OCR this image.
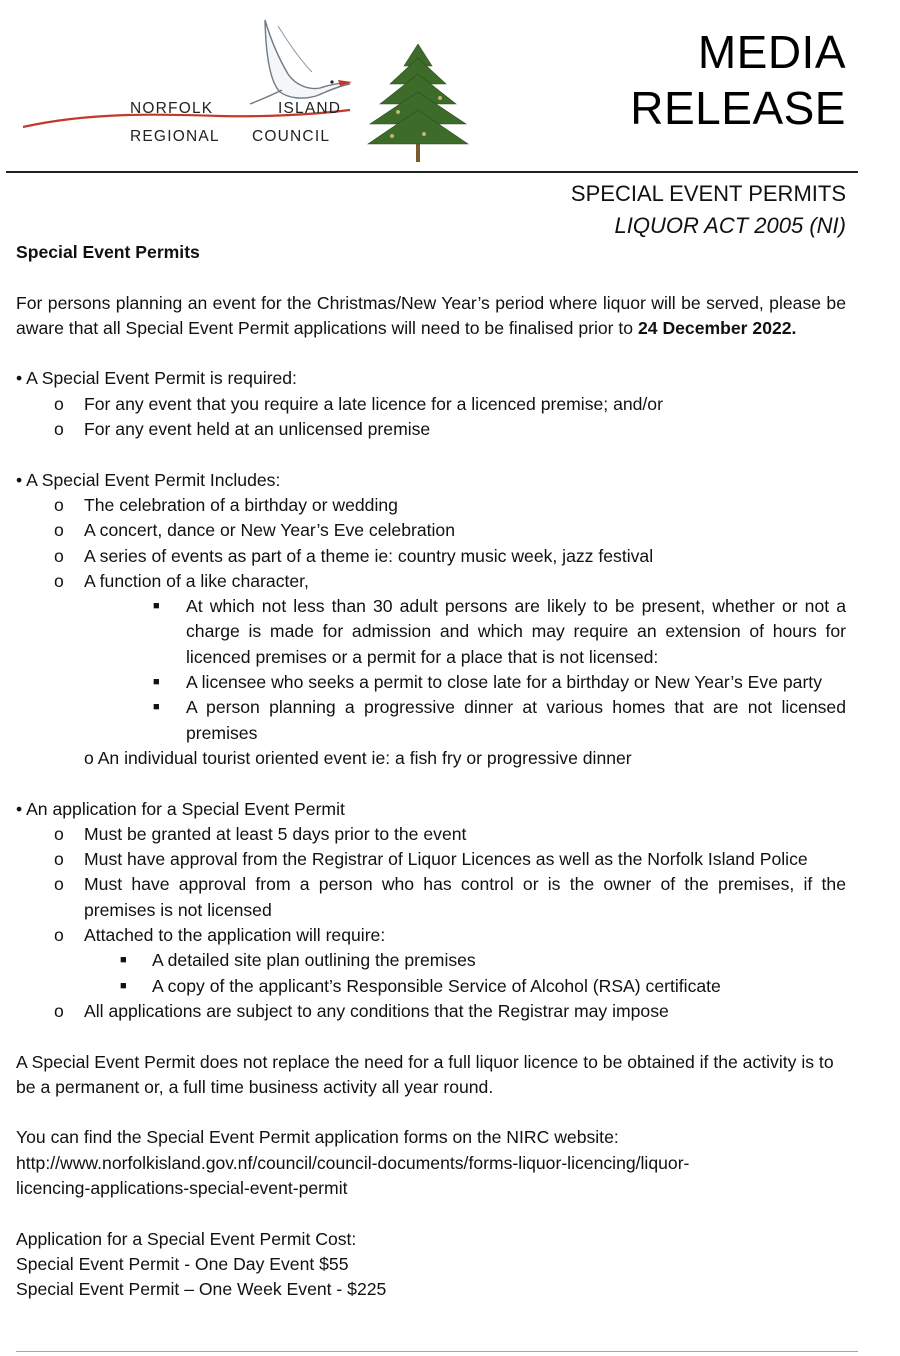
NORFOLK	ISLAND
REGIONAL COUNCIL
MEDIA
RELEASE
SPECIAL EVENT PERMITS
LIQUOR ACT 2005 (NI)

Special Event Permits

For persons planning an event for the Christmas/New Year’s period where liquor will be served, please be aware that all Special Event Permit applications will need to be finalised prior to 24 December 2022.

• A Special Event Permit is required:

o For any event that you require a late licence for a licenced premise; and/or
o For any event held at an unlicensed premise

• A Special Event Permit Includes:

o The celebration of a birthday or wedding
o A concert, dance or New Year’s Eve celebration
o A series of events as part of a theme ie: country music week, jazz festival
o A function of a like character,
■ At which not less than 30 adult persons are likely to be present, whether or not a charge is made for admission and which may require an extension of hours for licenced premises or a permit for a place that is not licensed:
■ A licensee who seeks a permit to close late for a birthday or New Year’s Eve party
■ A person planning a progressive dinner at various homes that are not licensed premises
o An individual tourist oriented event ie: a fish fry or progressive dinner

• An application for a Special Event Permit

o Must be granted at least 5 days prior to the event
o Must have approval from the Registrar of Liquor Licences as well as the Norfolk Island Police
o Must have approval from a person who has control or is the owner of the premises, if the premises is not licensed
o Attached to the application will require:
■ A detailed site plan outlining the premises
■ A copy of the applicant’s Responsible Service of Alcohol (RSA) certificate
o All applications are subject to any conditions that the Registrar may impose

A Special Event Permit does not replace the need for a full liquor licence to be obtained if the activity is to be a permanent or, a full time business activity all year round.

You can find the Special Event Permit application forms on the NIRC website:

http://www.norfolkisland.gov.nf/council/council-documents/forms-liquor-licencing/liquor-

licencing-applications-special-event-permit

Application for a Special Event Permit Cost:

Special Event Permit - One Day Event $55

Special Event Permit – One Week Event - $225
